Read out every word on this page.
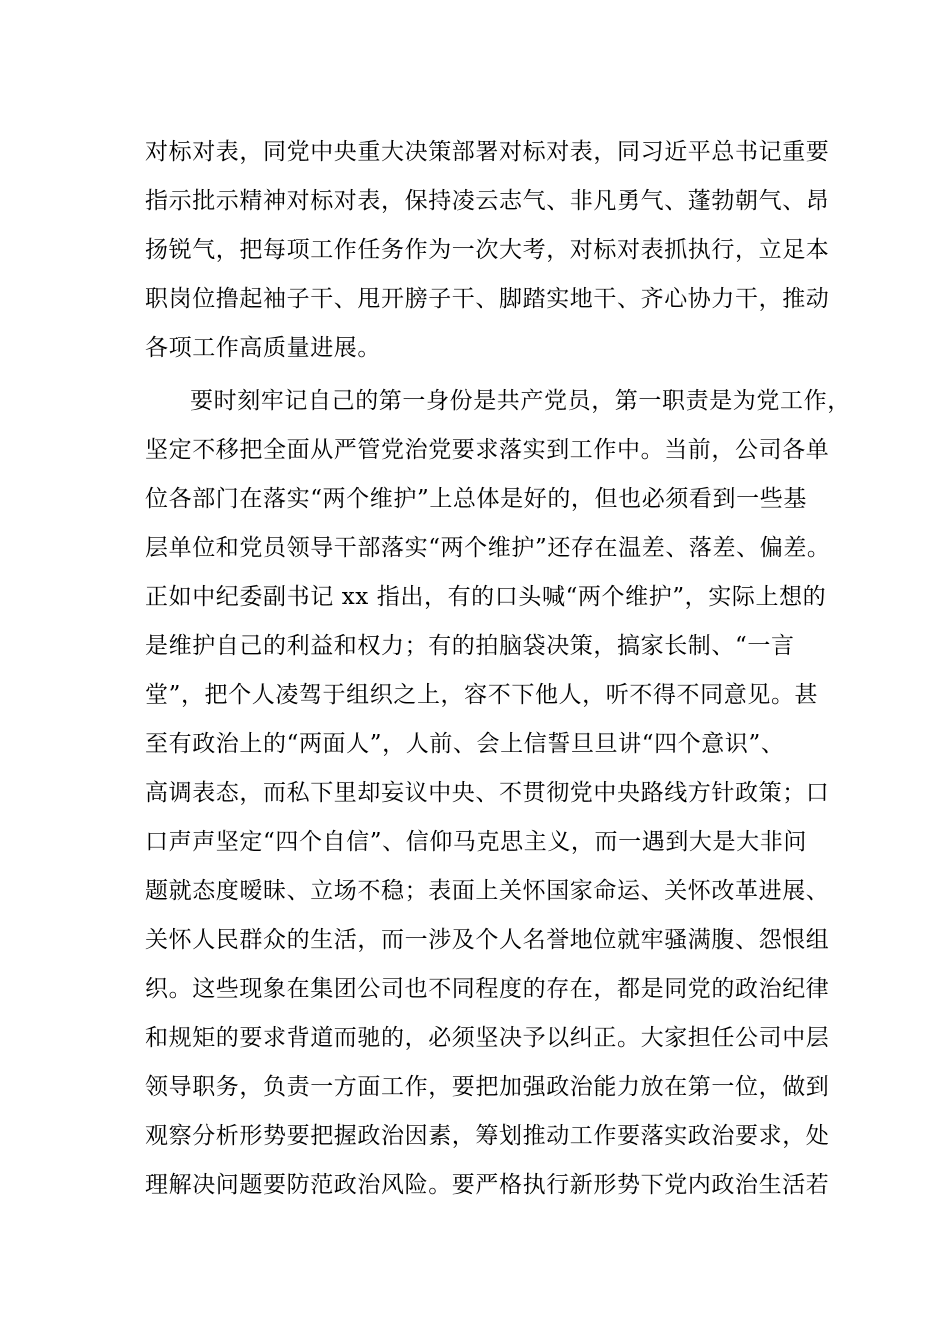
对标对表，同党中央重大决策部署对标对表，同习近平总书记重要
指示批示精神对标对表，保持凌云志气、非凡勇气、蓬勃朝气、昂
扬锐气，把每项工作任务作为一次大考，对标对表抓执行，立足本
职岗位撸起袖子干、甩开膀子干、脚踏实地干、齐心协力干，推动
各项工作高质量进展。
要时刻牢记自己的第一身份是共产党员，第一职责是为党工作，
坚定不移把全面从严管党治党要求落实到工作中。当前，公司各单
位各部门在落实“两个维护”上总体是好的，但也必须看到一些基
层单位和党员领导干部落实“两个维护”还存在温差、落差、偏差。
正如中纪委副书记 xx 指出，有的口头喊“两个维护”，实际上想的
是维护自己的利益和权力；有的拍脑袋决策，搞家长制、“一言
堂”，把个人凌驾于组织之上，容不下他人，听不得不同意见。甚
至有政治上的“两面人”，人前、会上信誓旦旦讲“四个意识”、
高调表态，而私下里却妄议中央、不贯彻党中央路线方针政策；口
口声声坚定“四个自信”、信仰马克思主义，而一遇到大是大非问
题就态度暧昧、立场不稳；表面上关怀国家命运、关怀改革进展、
关怀人民群众的生活，而一涉及个人名誉地位就牢骚满腹、怨恨组
织。这些现象在集团公司也不同程度的存在，都是同党的政治纪律
和规矩的要求背道而驰的，必须坚决予以纠正。大家担任公司中层
领导职务，负责一方面工作，要把加强政治能力放在第一位，做到
观察分析形势要把握政治因素，筹划推动工作要落实政治要求，处
理解决问题要防范政治风险。要严格执行新形势下党内政治生活若
